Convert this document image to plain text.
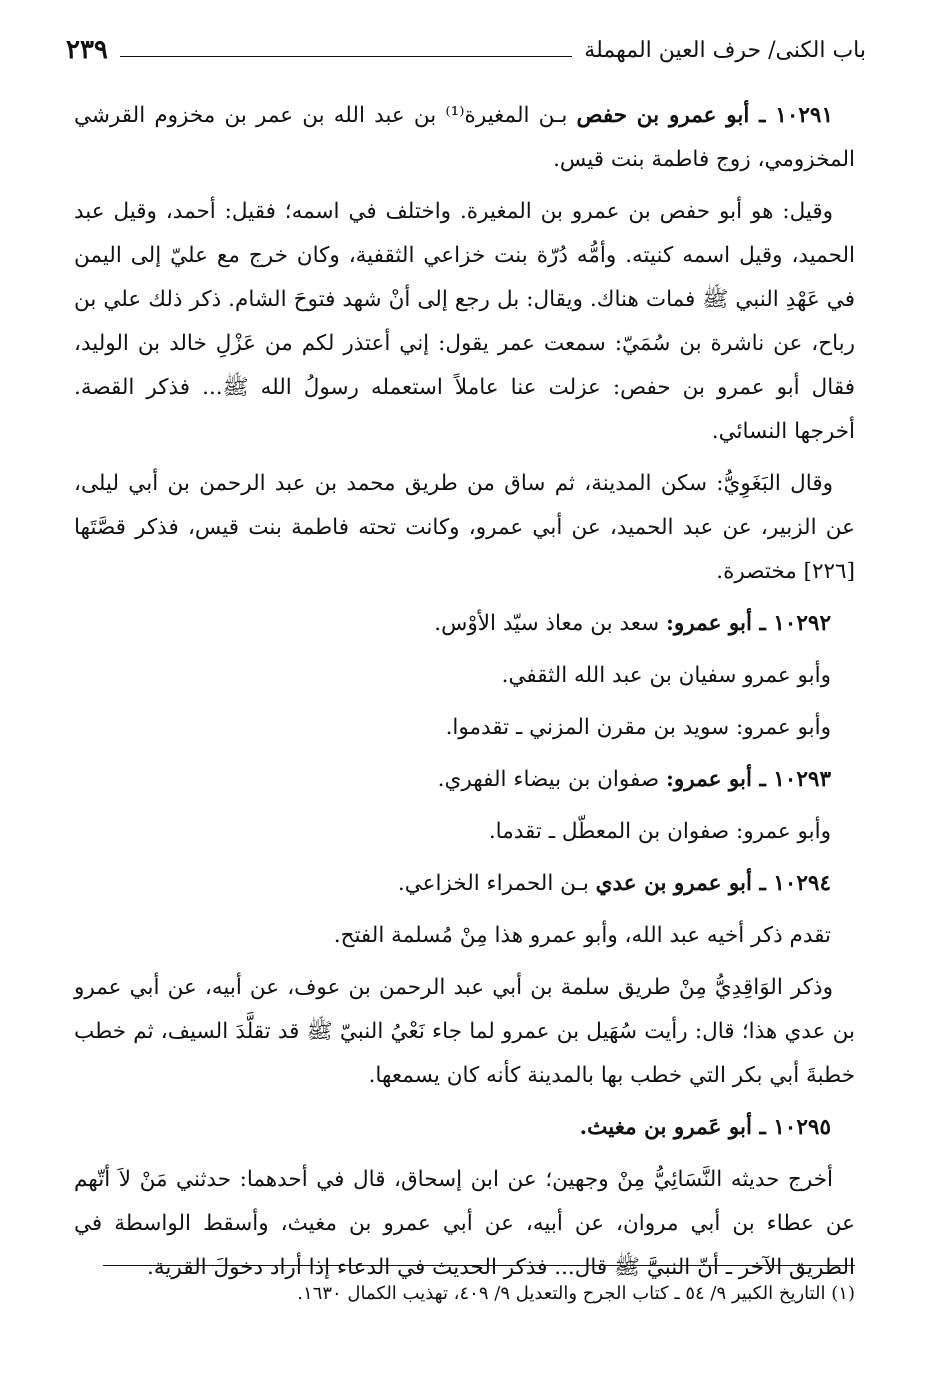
باب الكنى/ حرف العين المهملة
٢٣٩

١٠٢٩١ ـ أبو عمرو بن حفص بـن المغيرة⁽¹⁾ بن عبد الله بن عمر بن مخزوم القرشي المخزومي، زوج فاطمة بنت قيس.

وقيل: هو أبو حفص بن عمرو بن المغيرة. واختلف في اسمه؛ فقيل: أحمد، وقيل عبد الحميد، وقيل اسمه كنيته. وأمُّه دُرّة بنت خزاعي الثقفية، وكان خرج مع عليّ إلى اليمن في عَهْدِ النبي ﷺ فمات هناك. ويقال: بل رجع إلى أنْ شهد فتوحَ الشام. ذكر ذلك علي بن رباح، عن ناشرة بن سُمَيّ: سمعت عمر يقول: إني أعتذر لكم من عَزْلِ خالد بن الوليد، فقال أبو عمرو بن حفص: عزلت عنا عاملاً استعمله رسولُ الله ﷺ... فذكر القصة. أخرجها النسائي.

وقال البَغَوِيُّ: سكن المدينة، ثم ساق من طريق محمد بن عبد الرحمن بن أبي ليلى، عن الزبير، عن عبد الحميد، عن أبي عمرو، وكانت تحته فاطمة بنت قيس، فذكر قصَّتَها [٢٢٦] مختصرة.

١٠٢٩٢ ـ أبو عمرو: سعد بن معاذ سيّد الأوْس.

وأبو عمرو سفيان بن عبد الله الثقفي.

وأبو عمرو: سويد بن مقرن المزني ـ تقدموا.

١٠٢٩٣ ـ أبو عمرو: صفوان بن بيضاء الفهري.

وأبو عمرو: صفوان بن المعطّل ـ تقدما.

١٠٢٩٤ ـ أبو عمرو بن عدي بـن الحمراء الخزاعي.

تقدم ذكر أخيه عبد الله، وأبو عمرو هذا مِنْ مُسلمة الفتح.

وذكر الوَاقِدِيُّ مِنْ طريق سلمة بن أبي عبد الرحمن بن عوف، عن أبيه، عن أبي عمرو بن عدي هذا؛ قال: رأيت سُهَيل بن عمرو لما جاء نَعْيُ النبيّ ﷺ قد تقلَّدَ السيف، ثم خطب خطبةَ أبي بكر التي خطب بها بالمدينة كأنه كان يسمعها.

١٠٢٩٥ ـ أبو عَمرو بن مغيث.

أخرج حديثه النَّسَائِيُّ مِنْ وجهين؛ عن ابن إسحاق، قال في أحدهما: حدثني مَنْ لاَ أتّهم عن عطاء بن أبي مروان، عن أبيه، عن أبي عمرو بن مغيث، وأسقط الواسطة في الطريق الآخر ـ أنّ النبيَّ ﷺ قال... فذكر الحديث في الدعاء إذا أراد دخولَ القرية.

(١) التاريخ الكبير ٩/ ٥٤ ـ كتاب الجرح والتعديل ٩/ ٤٠٩، تهذيب الكمال ١٦٣٠.
